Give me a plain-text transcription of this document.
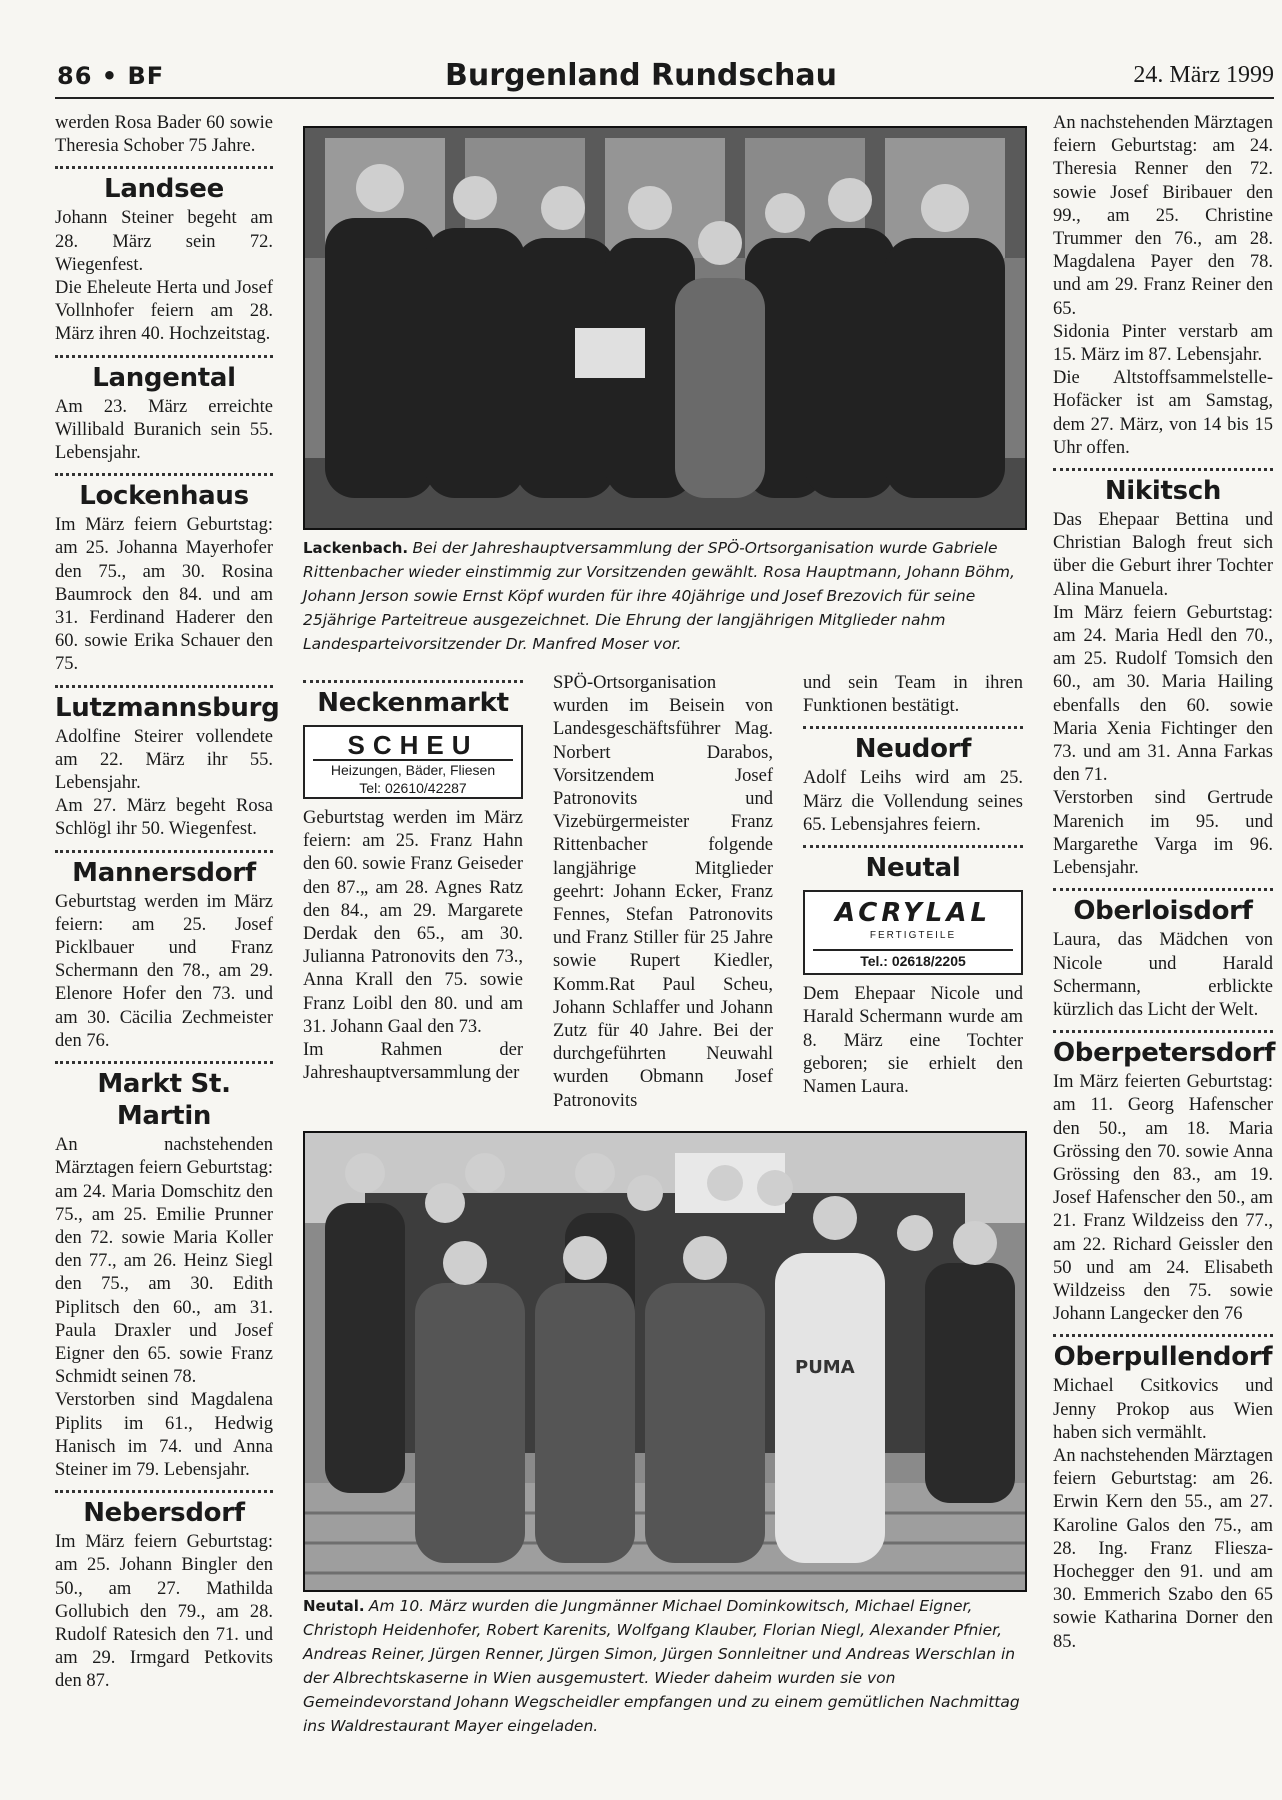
86 • BF	Burgenland Rundschau	24. März 1999

werden Rosa Bader 60 sowie Theresia Schober 75 Jahre.

Landsee

Johann Steiner begeht am 28. März sein 72. Wiegenfest.

Die Eheleute Herta und Josef Vollnhofer feiern am 28. März ihren 40. Hochzeitstag.

Langental

Am 23. März erreichte Willibald Buranich sein 55. Lebensjahr.

Lockenhaus

Im März feiern Geburtstag: am 25. Johanna Mayerhofer den 75., am 30. Rosina Baumrock den 84. und am 31. Ferdinand Haderer den 60. sowie Erika Schauer den 75.

Lutzmannsburg

Adolfine Steirer vollendete am 22. März ihr 55. Lebensjahr.

Am 27. März begeht Rosa Schlögl ihr 50. Wiegenfest.

Mannersdorf

Geburtstag werden im März feiern: am 25. Josef Picklbauer und Franz Schermann den 78., am 29. Elenore Hofer den 73. und am 30. Cäcilia Zechmeister den 76.

Markt St. Martin

An nachstehenden Märztagen feiern Geburtstag: am 24. Maria Domschitz den 75., am 25. Emilie Prunner den 72. sowie Maria Koller den 77., am 26. Heinz Siegl den 75., am 30. Edith Piplitsch den 60., am 31. Paula Draxler und Josef Eigner den 65. sowie Franz Schmidt seinen 78.

Verstorben sind Magdalena Piplits im 61., Hedwig Hanisch im 74. und Anna Steiner im 79. Lebensjahr.

Nebersdorf

Im März feiern Geburtstag: am 25. Johann Bingler den 50., am 27. Mathilda Gollubich den 79., am 28. Rudolf Ratesich den 71. und am 29. Irmgard Petkovits den 87.

Lackenbach. Bei der Jahreshauptversammlung der SPÖ-Ortsorganisation wurde Gabriele Rittenbacher wieder einstimmig zur Vorsitzenden gewählt. Rosa Hauptmann, Johann Böhm, Johann Jerson sowie Ernst Köpf wurden für ihre 40jährige und Josef Brezovich für seine 25jährige Parteitreue ausgezeichnet. Die Ehrung der langjährigen Mitglieder nahm Landesparteivorsitzender Dr. Manfred Moser vor.
Neckenmarkt
SCHEU
Heizungen, Bäder, Fliesen
Tel: 02610/42287

Geburtstag werden im März feiern: am 25. Franz Hahn den 60. sowie Franz Geiseder den 87.„ am 28. Agnes Ratz den 84., am 29. Margarete Derdak den 65., am 30. Julianna Patronovits den 73., Anna Krall den 75. sowie Franz Loibl den 80. und am 31. Johann Gaal den 73.

Im Rahmen der Jahreshauptversammlung der

SPÖ-Ortsorganisation wurden im Beisein von Landesgeschäftsführer Mag. Norbert Darabos, Vorsitzendem Josef Patronovits und Vizebürgermeister Franz Rittenbacher folgende langjährige Mitglieder geehrt: Johann Ecker, Franz Fennes, Stefan Patronovits und Franz Stiller für 25 Jahre sowie Rupert Kiedler, Komm.Rat Paul Scheu, Johann Schlaffer und Johann Zutz für 40 Jahre. Bei der durchgeführten Neuwahl wurden Obmann Josef Patronovits

und sein Team in ihren Funktionen bestätigt.

Neudorf

Adolf Leihs wird am 25. März die Vollendung seines 65. Lebensjahres feiern.

Neutal
ACRYLAL
FERTIGTEILE
Tel.: 02618/2205

Dem Ehepaar Nicole und Harald Schermann wurde am 8. März eine Tochter geboren; sie erhielt den Namen Laura.

PUMA
Neutal. Am 10. März wurden die Jungmänner Michael Dominkowitsch, Michael Eigner, Christoph Heidenhofer, Robert Karenits, Wolfgang Klauber, Florian Niegl, Alexander Pfnier, Andreas Reiner, Jürgen Renner, Jürgen Simon, Jürgen Sonnleitner und Andreas Werschlan in der Albrechtskaserne in Wien ausgemustert. Wieder daheim wurden sie von Gemeindevorstand Johann Wegscheidler empfangen und zu einem gemütlichen Nachmittag ins Waldrestaurant Mayer eingeladen.

An nachstehenden Märztagen feiern Geburtstag: am 24. Theresia Renner den 72. sowie Josef Biribauer den 99., am 25. Christine Trummer den 76., am 28. Magdalena Payer den 78. und am 29. Franz Reiner den 65.

Sidonia Pinter verstarb am 15. März im 87. Lebensjahr.

Die Altstoffsammelstelle-Hofäcker ist am Samstag, dem 27. März, von 14 bis 15 Uhr offen.

Nikitsch

Das Ehepaar Bettina und Christian Balogh freut sich über die Geburt ihrer Tochter Alina Manuela.

Im März feiern Geburtstag: am 24. Maria Hedl den 70., am 25. Rudolf Tomsich den 60., am 30. Maria Hailing ebenfalls den 60. sowie Maria Xenia Fichtinger den 73. und am 31. Anna Farkas den 71.

Verstorben sind Gertrude Marenich im 95. und Margarethe Varga im 96. Lebensjahr.

Oberloisdorf

Laura, das Mädchen von Nicole und Harald Schermann, erblickte kürzlich das Licht der Welt.

Oberpetersdorf

Im März feierten Geburtstag: am 11. Georg Hafenscher den 50., am 18. Maria Grössing den 70. sowie Anna Grössing den 83., am 19. Josef Hafenscher den 50., am 21. Franz Wildzeiss den 77., am 22. Richard Geissler den 50 und am 24. Elisabeth Wildzeiss den 75. sowie Johann Langecker den 76

Oberpullendorf

Michael Csitkovics und Jenny Prokop aus Wien haben sich vermählt.

An nachstehenden Märztagen feiern Geburtstag: am 26. Erwin Kern den 55., am 27. Karoline Galos den 75., am 28. Ing. Franz Fliesza-Hochegger den 91. und am 30. Emmerich Szabo den 65 sowie Katharina Dorner den 85.
